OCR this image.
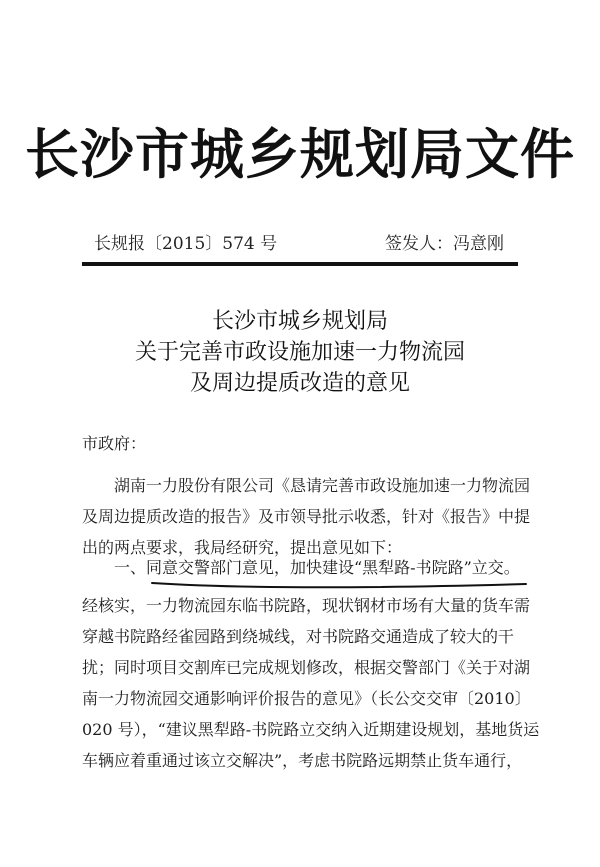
长沙市城乡规划局文件
长规报〔2015〕574 号	签发人：冯意刚
长沙市城乡规划局
关于完善市政设施加速一力物流园
及周边提质改造的意见
市政府：
湖南一力股份有限公司《恳请完善市政设施加速一力物流园
及周边提质改造的报告》及市领导批示收悉，针对《报告》中提
出的两点要求，我局经研究，提出意见如下：
一、同意交警部门意见，加快建设“黑犁路-书院路”立交。
经核实，一力物流园东临书院路，现状钢材市场有大量的货车需
穿越书院路经雀园路到绕城线，对书院路交通造成了较大的干
扰；同时项目交割库已完成规划修改，根据交警部门《关于对湖
南一力物流园交通影响评价报告的意见》（长公交交审〔2010〕
020 号），“建议黑犁路-书院路立交纳入近期建设规划，基地货运
车辆应着重通过该立交解决”，考虑书院路远期禁止货车通行，
